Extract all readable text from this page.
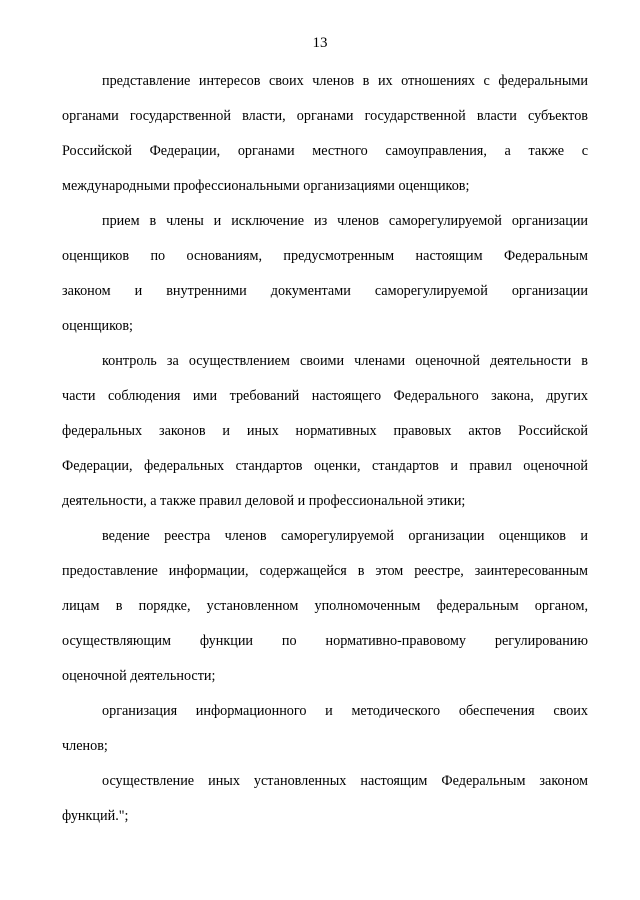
13

представление интересов своих членов в их отношениях с федеральными
органами государственной власти, органами государственной власти субъектов
Российской Федерации, органами местного самоуправления, а также с
международными профессиональными организациями оценщиков;

прием в члены и исключение из членов саморегулируемой организации
оценщиков по основаниям, предусмотренным настоящим Федеральным
законом и внутренними документами саморегулируемой организации
оценщиков;

контроль за осуществлением своими членами оценочной деятельности в
части соблюдения ими требований настоящего Федерального закона, других
федеральных законов и иных нормативных правовых актов Российской
Федерации, федеральных стандартов оценки, стандартов и правил оценочной
деятельности, а также правил деловой и профессиональной этики;

ведение реестра членов саморегулируемой организации оценщиков и
предоставление информации, содержащейся в этом реестре, заинтересованным
лицам в порядке, установленном уполномоченным федеральным органом,
осуществляющим функции по нормативно-правовому регулированию
оценочной деятельности;

организация информационного и методического обеспечения своих
членов;

осуществление иных установленных настоящим Федеральным законом
функций.";
